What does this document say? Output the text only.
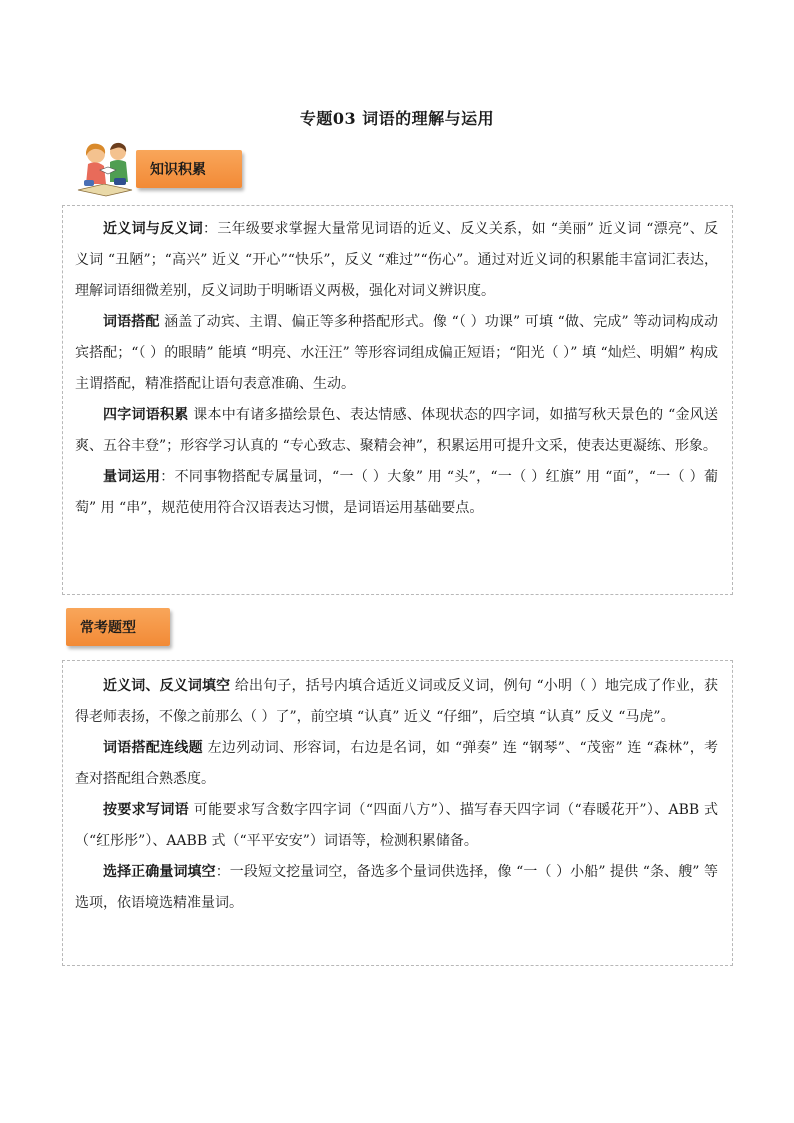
专题03 词语的理解与运用
知识积累

近义词与反义词：三年级要求掌握大量常见词语的近义、反义关系，如 “美丽” 近义词 “漂亮”、反义词 “丑陋”；“高兴” 近义 “开心”“快乐”，反义 “难过”“伤心”。通过对近义词的积累能丰富词汇表达，理解词语细微差别，反义词助于明晰语义两极，强化对词义辨识度。

词语搭配 涵盖了动宾、主谓、偏正等多种搭配形式。像 “（ ）功课” 可填 “做、完成” 等动词构成动宾搭配；“（ ）的眼睛” 能填 “明亮、水汪汪” 等形容词组成偏正短语；“阳光（ ）” 填 “灿烂、明媚” 构成主谓搭配，精准搭配让语句表意准确、生动。

四字词语积累 课本中有诸多描绘景色、表达情感、体现状态的四字词，如描写秋天景色的 “金风送爽、五谷丰登”；形容学习认真的 “专心致志、聚精会神”，积累运用可提升文采，使表达更凝练、形象。

量词运用：不同事物搭配专属量词，“一（ ）大象” 用 “头”，“一（ ）红旗” 用 “面”，“一（ ）葡萄” 用 “串”，规范使用符合汉语表达习惯，是词语运用基础要点。

常考题型

近义词、反义词填空 给出句子，括号内填合适近义词或反义词，例句 “小明（ ）地完成了作业，获得老师表扬，不像之前那么（ ）了”，前空填 “认真” 近义 “仔细”，后空填 “认真” 反义 “马虎”。

词语搭配连线题 左边列动词、形容词，右边是名词，如 “弹奏” 连 “钢琴”、“茂密” 连 “森林”，考查对搭配组合熟悉度。

按要求写词语 可能要求写含数字四字词（“四面八方”）、描写春天四字词（“春暖花开”）、ABB 式（“红彤彤”）、AABB 式（“平平安安”）词语等，检测积累储备。

选择正确量词填空：一段短文挖量词空，备选多个量词供选择，像 “一（ ）小船” 提供 “条、艘” 等选项，依语境选精准量词。
